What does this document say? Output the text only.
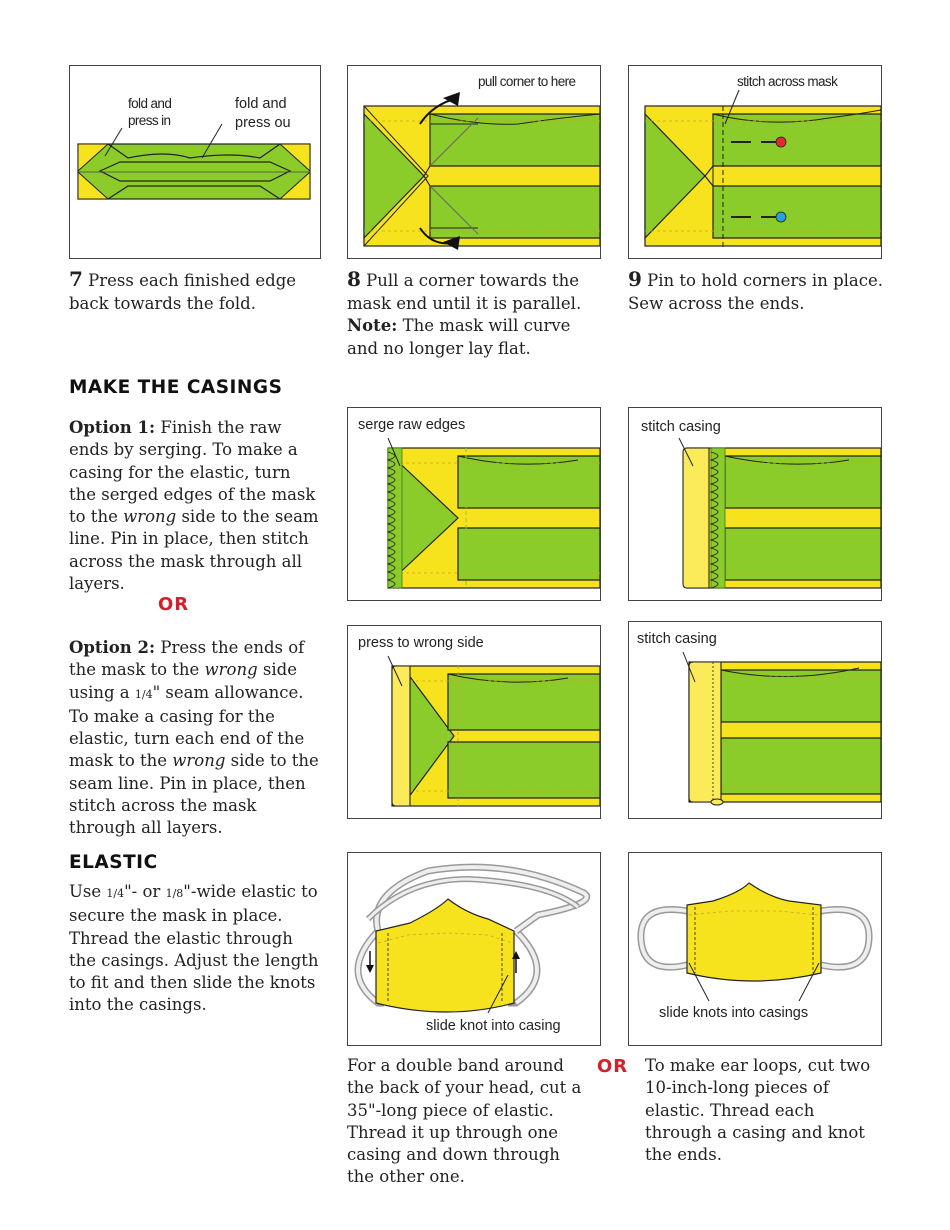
fold and
press in
fold and
press ou
7 Press each finished edge back towards the fold.
pull corner to here
8 Pull a corner towards the mask end until it is parallel. Note: The mask will curve and no longer lay flat.
stitch across mask
9 Pin to hold corners in place. Sew across the ends.
MAKE THE CASINGS
Option 1: Finish the raw ends by serging. To make a casing for the elastic, turn the serged edges of the mask to the wrong side to the seam line. Pin in place, then stitch across the mask through all layers.
OR
Option 2: Press the ends of the mask to the wrong side using a 1/4" seam allowance. To make a casing for the elastic, turn each end of the mask to the wrong side to the seam line. Pin in place, then stitch across the mask through all layers.
serge raw edges	stitch casing
press to wrong side	stitch casing
ELASTIC
Use 1/4"- or 1/8"-wide elastic to secure the mask in place. Thread the elastic through the casings. Adjust the length to fit and then slide the knots into the casings.
slide knot into casing
slide knots into casings
For a double band around the back of your head, cut a 35"-long piece of elastic. Thread it up through one casing and down through the other one.
OR To make ear loops, cut two 10-inch-long pieces of elastic. Thread each through a casing and knot the ends.
